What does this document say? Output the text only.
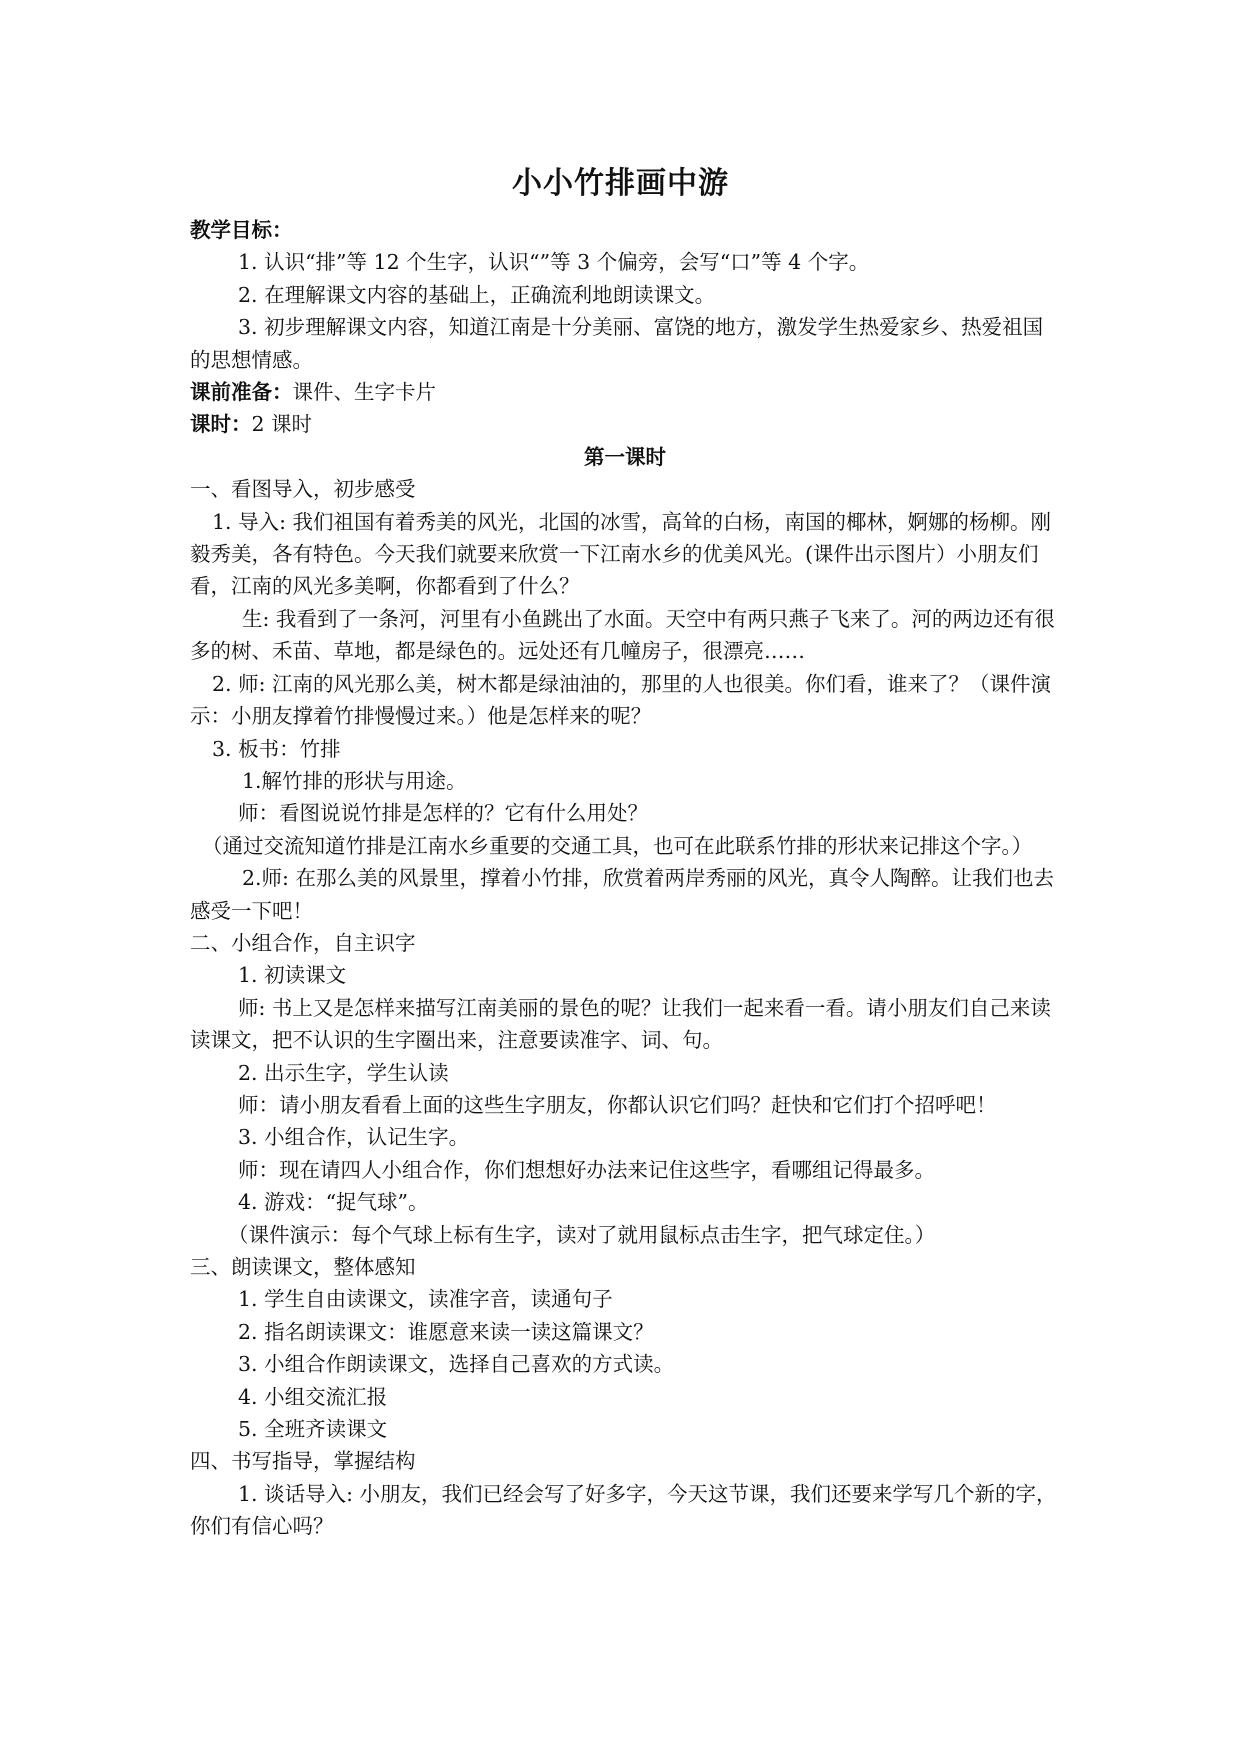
小小竹排画中游

教学目标：

1. 认识“排”等 12 个生字，认识“”等 3 个偏旁，会写“口”等 4 个字。

2. 在理解课文内容的基础上，正确流利地朗读课文。

3. 初步理解课文内容，知道江南是十分美丽、富饶的地方，激发学生热爱家乡、热爱祖国的思想情感。

课前准备：课件、生字卡片

课时：2 课时

第一课时

一、看图导入，初步感受

1. 导入: 我们祖国有着秀美的风光，北国的冰雪，高耸的白杨，南国的椰林，婀娜的杨柳。刚毅秀美，各有特色。今天我们就要来欣赏一下江南水乡的优美风光。(课件出示图片）小朋友们看，江南的风光多美啊，你都看到了什么？

生: 我看到了一条河，河里有小鱼跳出了水面。天空中有两只燕子飞来了。河的两边还有很多的树、禾苗、草地，都是绿色的。远处还有几幢房子，很漂亮……

2. 师: 江南的风光那么美，树木都是绿油油的，那里的人也很美。你们看，谁来了？（课件演示：小朋友撑着竹排慢慢过来。）他是怎样来的呢？

3. 板书：竹排

1.解竹排的形状与用途。

师：看图说说竹排是怎样的？它有什么用处？

（通过交流知道竹排是江南水乡重要的交通工具，也可在此联系竹排的形状来记排这个字。）

2.师: 在那么美的风景里，撑着小竹排，欣赏着两岸秀丽的风光，真令人陶醉。让我们也去感受一下吧！

二、小组合作，自主识字

1. 初读课文

师: 书上又是怎样来描写江南美丽的景色的呢？让我们一起来看一看。请小朋友们自己来读读课文，把不认识的生字圈出来，注意要读准字、词、句。

2. 出示生字，学生认读

师：请小朋友看看上面的这些生字朋友，你都认识它们吗？赶快和它们打个招呼吧！

3. 小组合作，认记生字。

师：现在请四人小组合作，你们想想好办法来记住这些字，看哪组记得最多。

4. 游戏：“捉气球”。

（课件演示：每个气球上标有生字，读对了就用鼠标点击生字，把气球定住。）

三、朗读课文，整体感知

1. 学生自由读课文，读准字音，读通句子

2. 指名朗读课文：谁愿意来读一读这篇课文？

3. 小组合作朗读课文，选择自己喜欢的方式读。

4. 小组交流汇报

5. 全班齐读课文

四、书写指导，掌握结构

1. 谈话导入: 小朋友，我们已经会写了好多字，今天这节课，我们还要来学写几个新的字，你们有信心吗？
